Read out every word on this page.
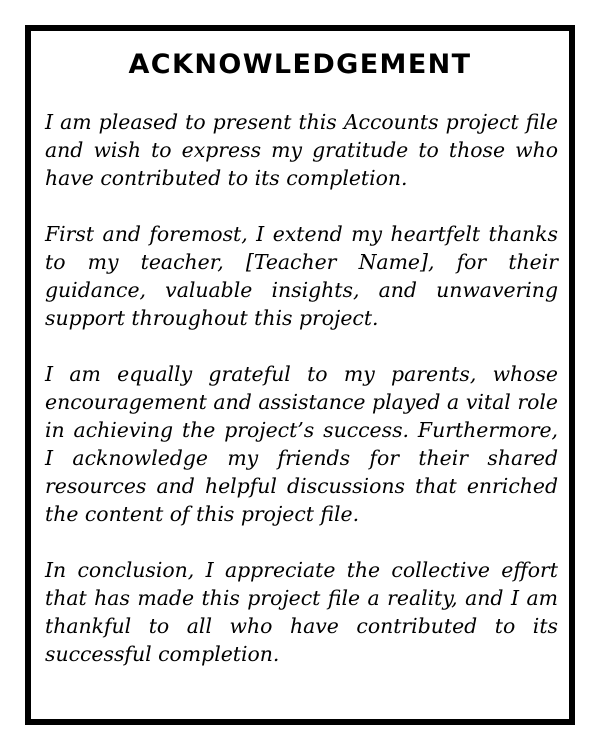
ACKNOWLEDGEMENT

I am pleased to present this Accounts project file and wish to express my gratitude to those who have contributed to its completion.

First and foremost, I extend my heartfelt thanks to my teacher, [Teacher Name], for their guidance, valuable insights, and unwavering support throughout this project.

I am equally grateful to my parents, whose encouragement and assistance played a vital role in achieving the project’s success. Furthermore, I acknowledge my friends for their shared resources and helpful discussions that enriched the content of this project file.

In conclusion, I appreciate the collective effort that has made this project file a reality, and I am thankful to all who have contributed to its successful completion.
